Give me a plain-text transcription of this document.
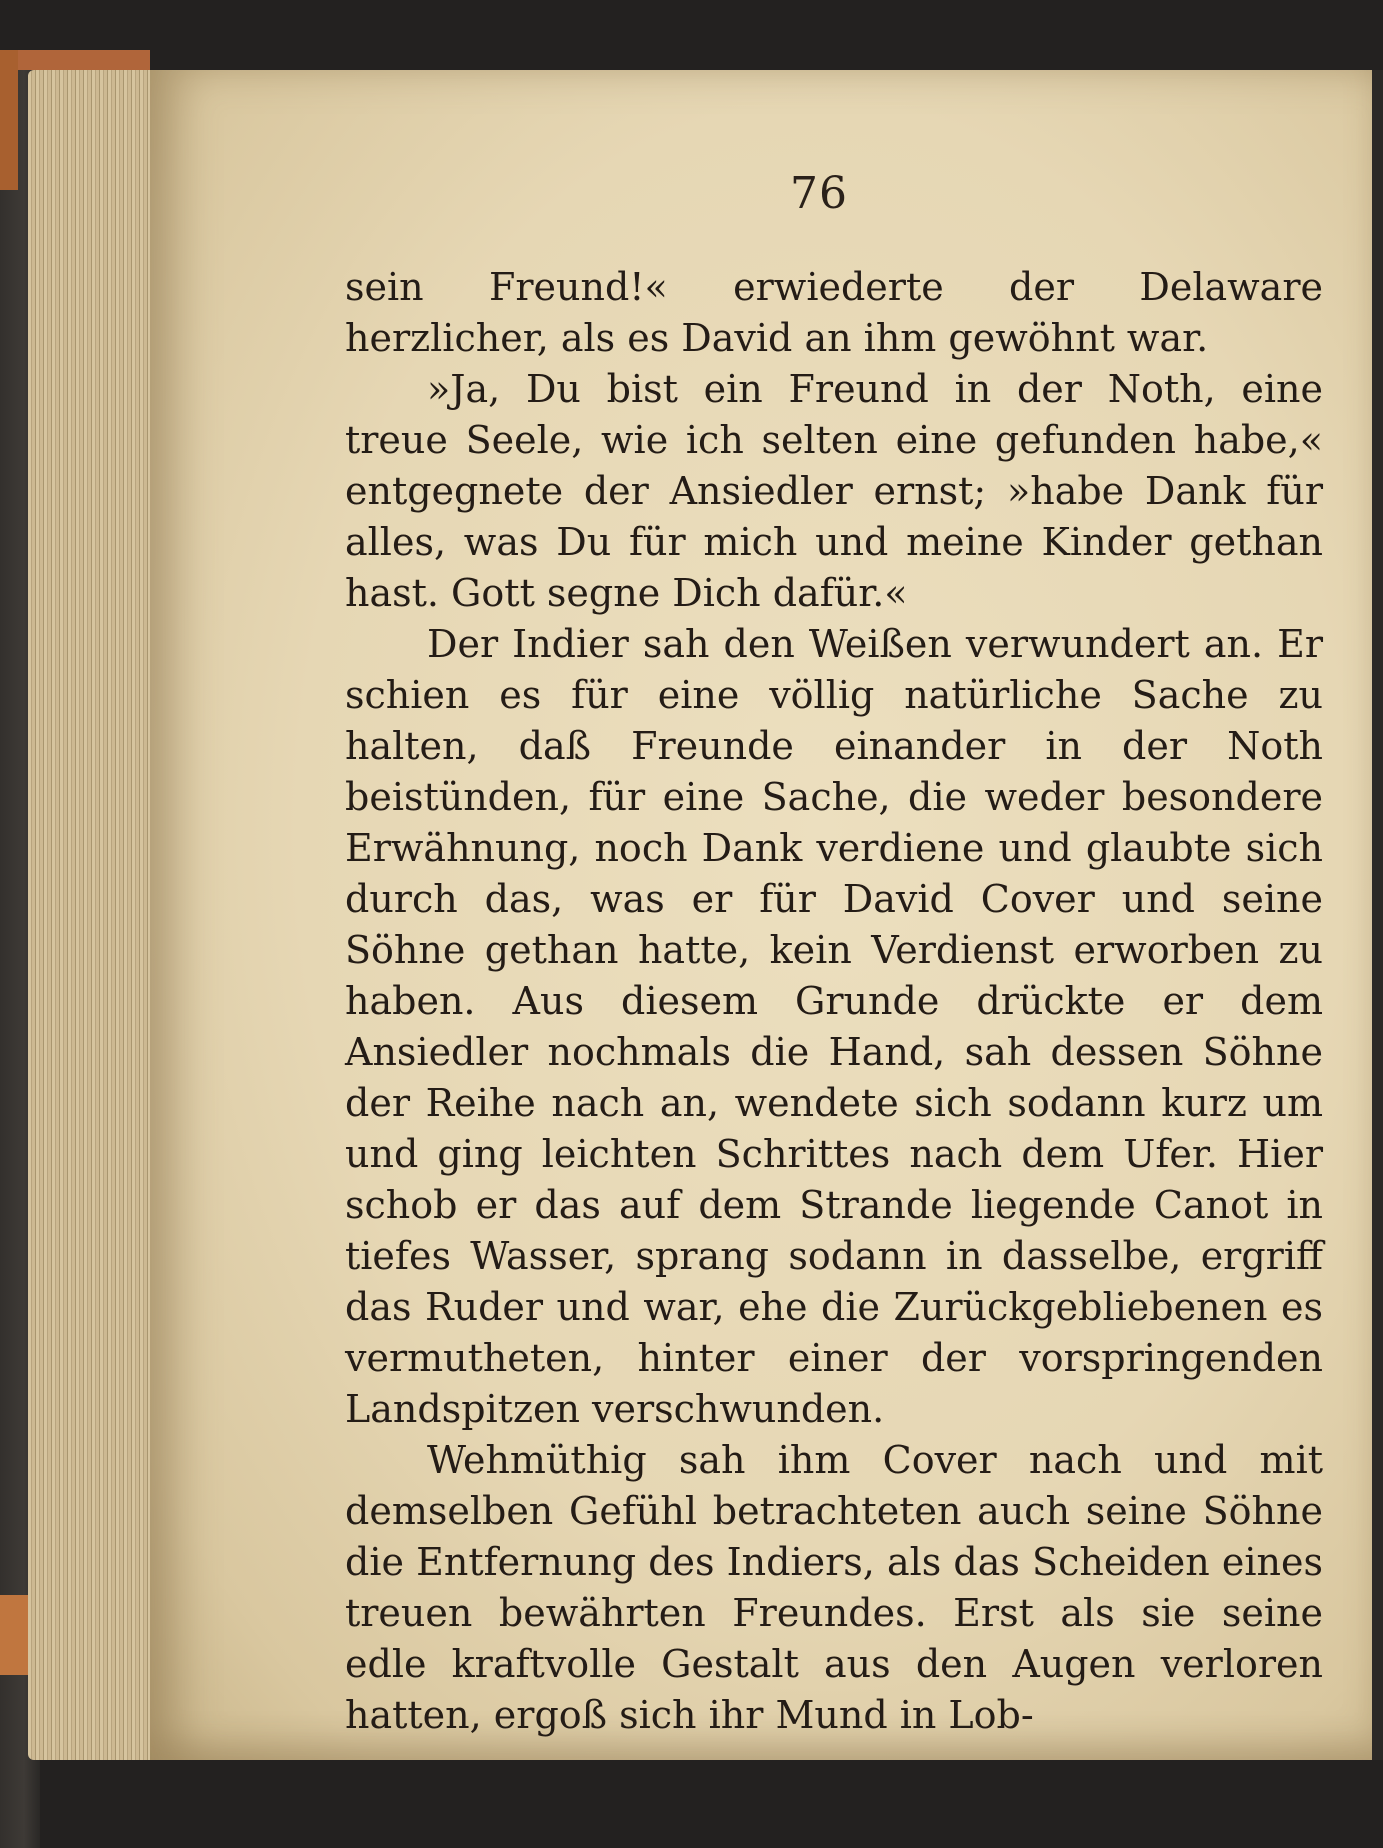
76

sein Freund!« erwiederte der Delaware herzlicher, als es David an ihm gewöhnt war.

»Ja, Du bist ein Freund in der Noth, eine treue Seele, wie ich selten eine gefunden habe,« entgegnete der Ansiedler ernst; »habe Dank für alles, was Du für mich und meine Kinder gethan hast. Gott segne Dich dafür.«

Der Indier sah den Weißen verwundert an. Er schien es für eine völlig natürliche Sache zu halten, daß Freunde einander in der Noth beistünden, für eine Sache, die weder besondere Erwähnung, noch Dank verdiene und glaubte sich durch das, was er für David Cover und seine Söhne gethan hatte, kein Verdienst erworben zu haben. Aus diesem Grunde drückte er dem Ansiedler nochmals die Hand, sah dessen Söhne der Reihe nach an, wendete sich sodann kurz um und ging leichten Schrittes nach dem Ufer. Hier schob er das auf dem Strande liegende Canot in tiefes Wasser, sprang sodann in dasselbe, ergriff das Ruder und war, ehe die Zurückgebliebenen es vermutheten, hinter einer der vorspringenden Landspitzen verschwunden.

Wehmüthig sah ihm Cover nach und mit demselben Gefühl betrachteten auch seine Söhne die Entfernung des Indiers, als das Scheiden eines treuen bewährten Freundes. Erst als sie seine edle kraftvolle Gestalt aus den Augen verloren hatten, ergoß sich ihr Mund in Lob-
